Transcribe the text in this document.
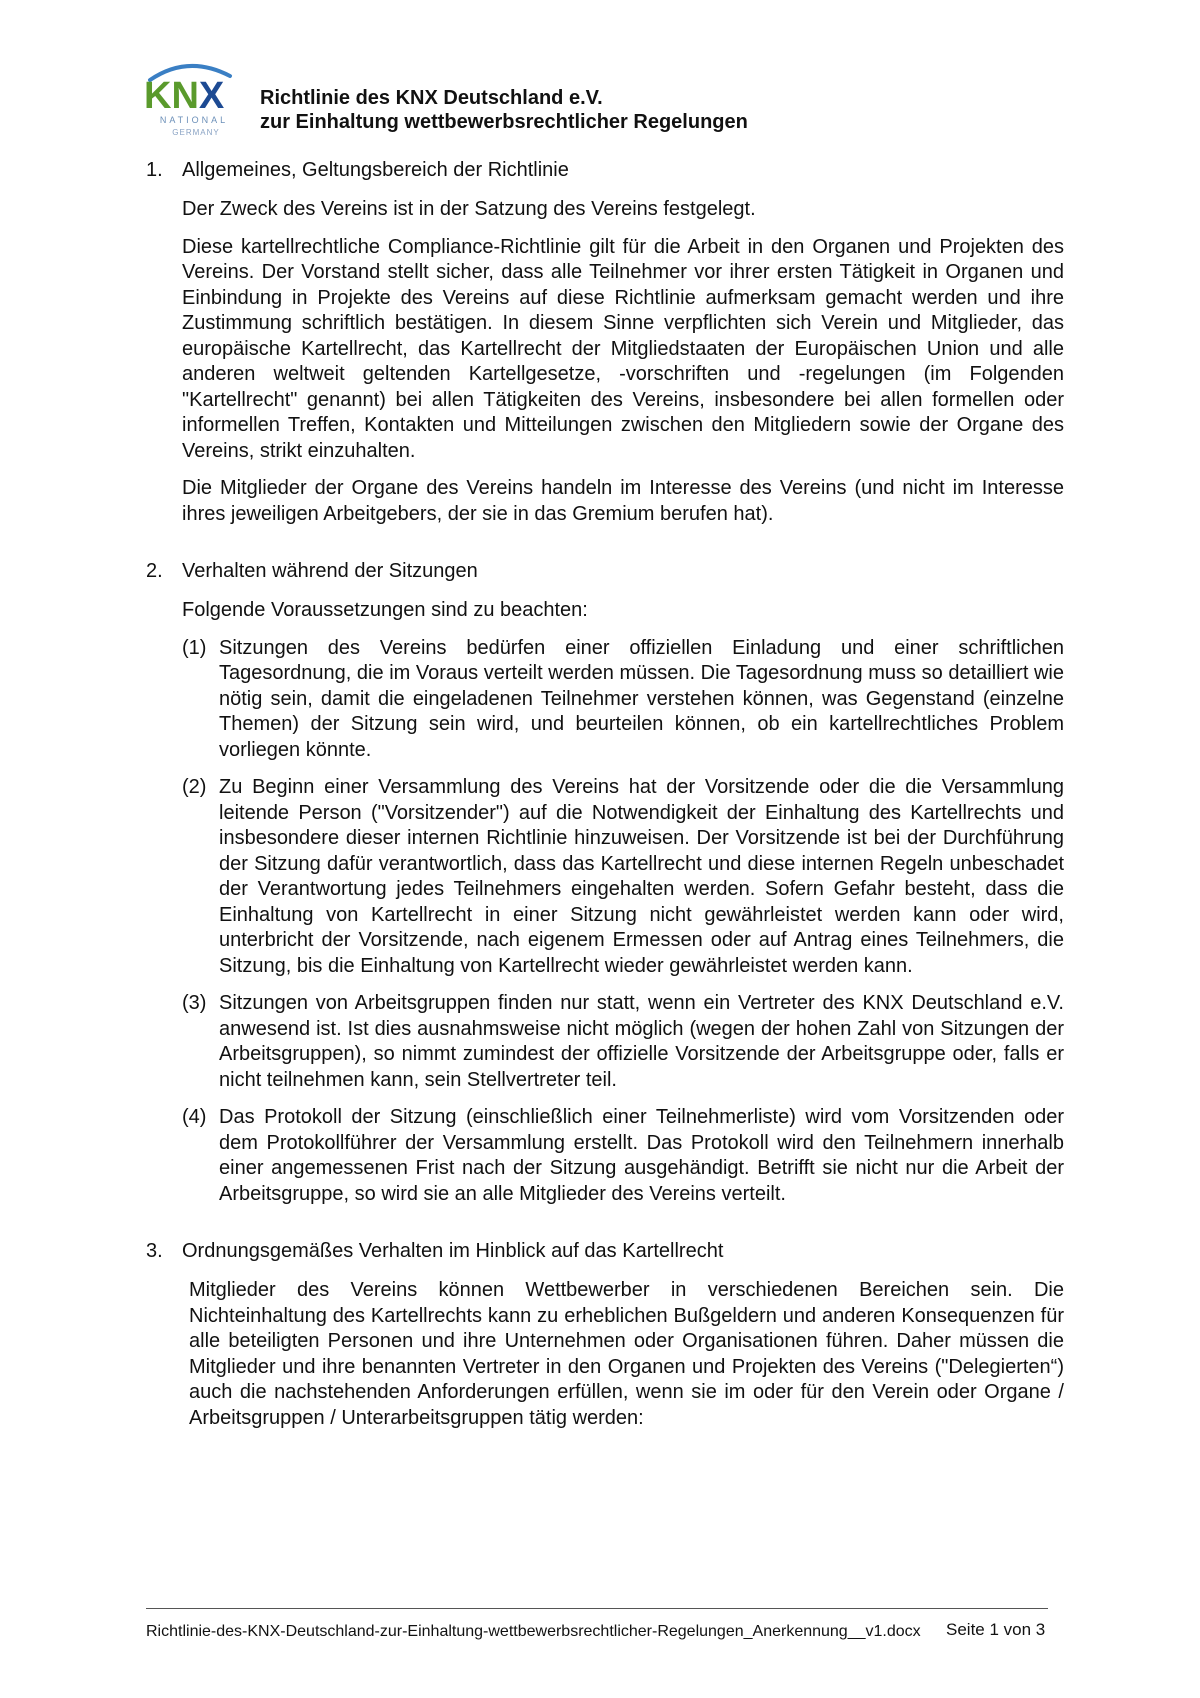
KNX
NATIONAL
GERMANY
Richtlinie des KNX Deutschland e.V.
zur Einhaltung wettbewerbsrechtlicher Regelungen
1. Allgemeines, Geltungsbereich der Richtlinie

Der Zweck des Vereins ist in der Satzung des Vereins festgelegt.

Diese kartellrechtliche Compliance-Richtlinie gilt für die Arbeit in den Organen und Projekten des Vereins. Der Vorstand stellt sicher, dass alle Teilnehmer vor ihrer ersten Tätigkeit in Organen und Einbindung in Projekte des Vereins auf diese Richtlinie aufmerksam gemacht werden und ihre Zustimmung schriftlich bestätigen. In diesem Sinne verpflichten sich Verein und Mitglieder, das europäische Kartellrecht, das Kartellrecht der Mitgliedstaaten der Europäischen Union und alle anderen weltweit geltenden Kartellgesetze, -vorschriften und -regelungen (im Folgenden "Kartellrecht" genannt) bei allen Tätigkeiten des Vereins, insbesondere bei allen formellen oder informellen Treffen, Kontakten und Mitteilungen zwischen den Mitgliedern sowie der Organe des Vereins, strikt einzuhalten.

Die Mitglieder der Organe des Vereins handeln im Interesse des Vereins (und nicht im Interesse ihres jeweiligen Arbeitgebers, der sie in das Gremium berufen hat).

2. Verhalten während der Sitzungen

Folgende Voraussetzungen sind zu beachten:

(1) Sitzungen des Vereins bedürfen einer offiziellen Einladung und einer schriftlichen Tagesordnung, die im Voraus verteilt werden müssen. Die Tagesordnung muss so detailliert wie nötig sein, damit die eingeladenen Teilnehmer verstehen können, was Gegenstand (einzelne Themen) der Sitzung sein wird, und beurteilen können, ob ein kartellrechtliches Problem vorliegen könnte.
(2) Zu Beginn einer Versammlung des Vereins hat der Vorsitzende oder die die Versammlung leitende Person ("Vorsitzender") auf die Notwendigkeit der Einhaltung des Kartellrechts und insbesondere dieser internen Richtlinie hinzuweisen. Der Vorsitzende ist bei der Durchführung der Sitzung dafür verantwortlich, dass das Kartellrecht und diese internen Regeln unbeschadet der Verantwortung jedes Teilnehmers eingehalten werden. Sofern Gefahr besteht, dass die Einhaltung von Kartellrecht in einer Sitzung nicht gewährleistet werden kann oder wird, unterbricht der Vorsitzende, nach eigenem Ermessen oder auf Antrag eines Teilnehmers, die Sitzung, bis die Einhaltung von Kartellrecht wieder gewährleistet werden kann.
(3) Sitzungen von Arbeitsgruppen finden nur statt, wenn ein Vertreter des KNX Deutschland e.V. anwesend ist. Ist dies ausnahmsweise nicht möglich (wegen der hohen Zahl von Sitzungen der Arbeitsgruppen), so nimmt zumindest der offizielle Vorsitzende der Arbeitsgruppe oder, falls er nicht teilnehmen kann, sein Stellvertreter teil.
(4) Das Protokoll der Sitzung (einschließlich einer Teilnehmerliste) wird vom Vorsitzenden oder dem Protokollführer der Versammlung erstellt. Das Protokoll wird den Teilnehmern innerhalb einer angemessenen Frist nach der Sitzung ausgehändigt. Betrifft sie nicht nur die Arbeit der Arbeitsgruppe, so wird sie an alle Mitglieder des Vereins verteilt.
3. Ordnungsgemäßes Verhalten im Hinblick auf das Kartellrecht

Mitglieder des Vereins können Wettbewerber in verschiedenen Bereichen sein. Die Nichteinhaltung des Kartellrechts kann zu erheblichen Bußgeldern und anderen Konsequenzen für alle beteiligten Personen und ihre Unternehmen oder Organisationen führen. Daher müssen die Mitglieder und ihre benannten Vertreter in den Organen und Projekten des Vereins ("Delegierten“) auch die nachstehenden Anforderungen erfüllen, wenn sie im oder für den Verein oder Organe / Arbeitsgruppen / Unterarbeitsgruppen tätig werden:

Richtlinie-des-KNX-Deutschland-zur-Einhaltung-wettbewerbsrechtlicher-Regelungen_Anerkennung__v1.docx Seite 1 von 3
